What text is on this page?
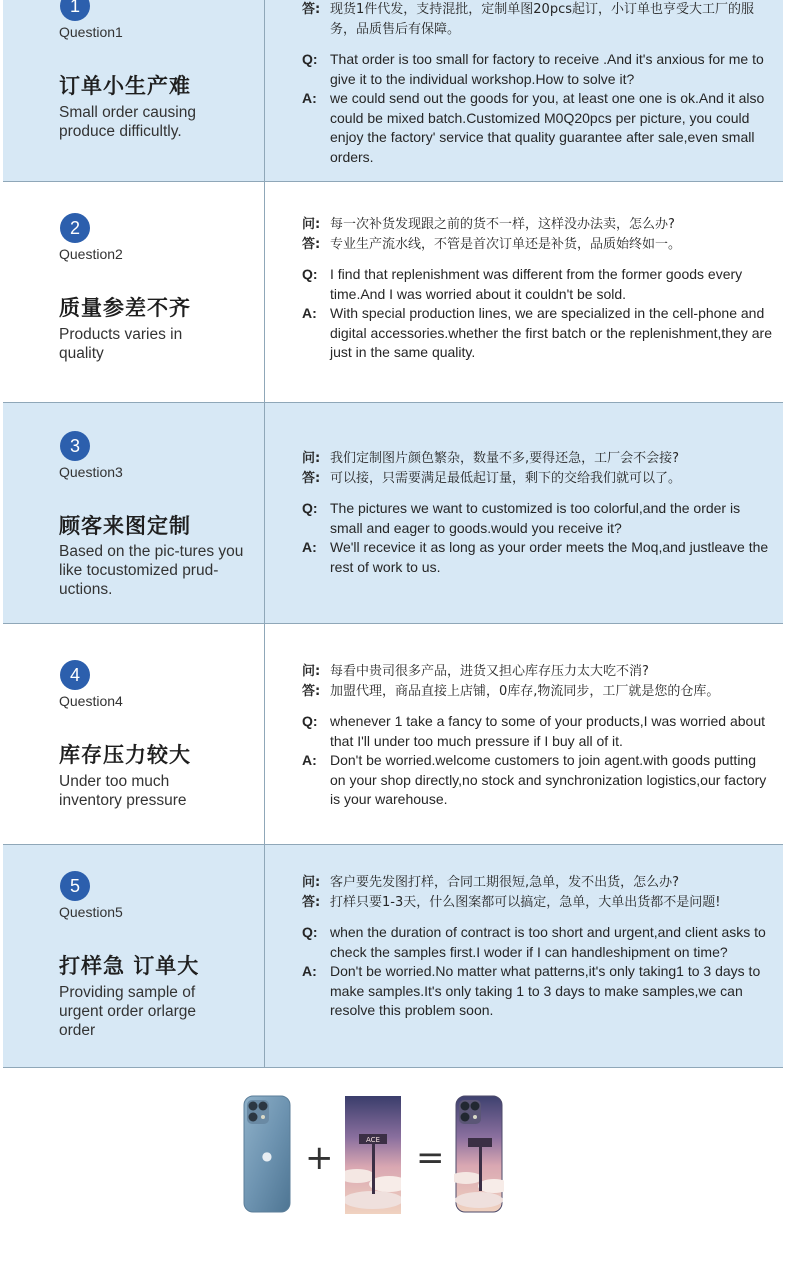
1
Question1
订单小生产难
Small order causing produce difficultly.
答: 现货1件代发，支持混批，定制单图20pcs起订，小订单也亨受大工厂的服务，品质售后有保障。
Q: That order is too small for factory to receive .And it's anxious for me to give it to the individual workshop.How to solve it?
A: we could send out the goods for you, at least one one is ok.And it also could be mixed batch.Customized M0Q20pcs per picture, you could enjoy the factory' service that quality guarantee after sale,even small orders.
2
Question2
质量参差不齐
Products varies in quality
问: 每一次补货发现跟之前的货不一样，这样没办法卖，怎么办?
答: 专业生产流水线，不管是首次订单还是补货，品质始终如一。
Q: I find that replenishment was different from the former goods every time.And I was worried about it couldn't be sold.
A: With special production lines, we are specialized in the cell-phone and digital accessories.whether the first batch or the replenishment,they are just in the same quality.
3
Question3
顾客来图定制
Based on the pic-tures you like tocustomized prud-uctions.
问: 我们定制图片颜色繁杂，数量不多,要得还急，工厂会不会接?
答: 可以接，只需要满足最低起订量，剩下的交给我们就可以了。
Q: The pictures we want to customized is too colorful,and the order is small and eager to goods.would you receive it?
A: We'll recevice it as long as your order meets the Moq,and justleave the rest of work to us.
4
Question4
库存压力较大
Under too much inventory pressure
问: 每看中贵司很多产品，进货又担心库存压力太大吃不消?
答: 加盟代理，商品直接上店铺，0库存,物流同步，工厂就是您的仓库。
Q: whenever 1 take a fancy to some of your products,I was worried about that I'll under too much pressure if I buy all of it.
A: Don't be worried.welcome customers to join agent.with goods putting on your shop directly,no stock and synchronization logistics,our factory is your warehouse.
5
Question5
打样急 订单大
Providing sample of urgent order orlarge order
问: 客户要先发图打样，合同工期很短,急单，发不出货，怎么办?
答: 打样只要1-3天，什么图案都可以搞定，急单，大单出货都不是问题!
Q: when the duration of contract is too short and urgent,and client asks to check the samples first.I woder if I can handleshipment on time?
A: Don't be worried.No matter what patterns,it's only taking1 to 3 days to make samples.It's only taking 1 to 3 days to make samples,we can resolve this problem soon.
● +	ACE =
